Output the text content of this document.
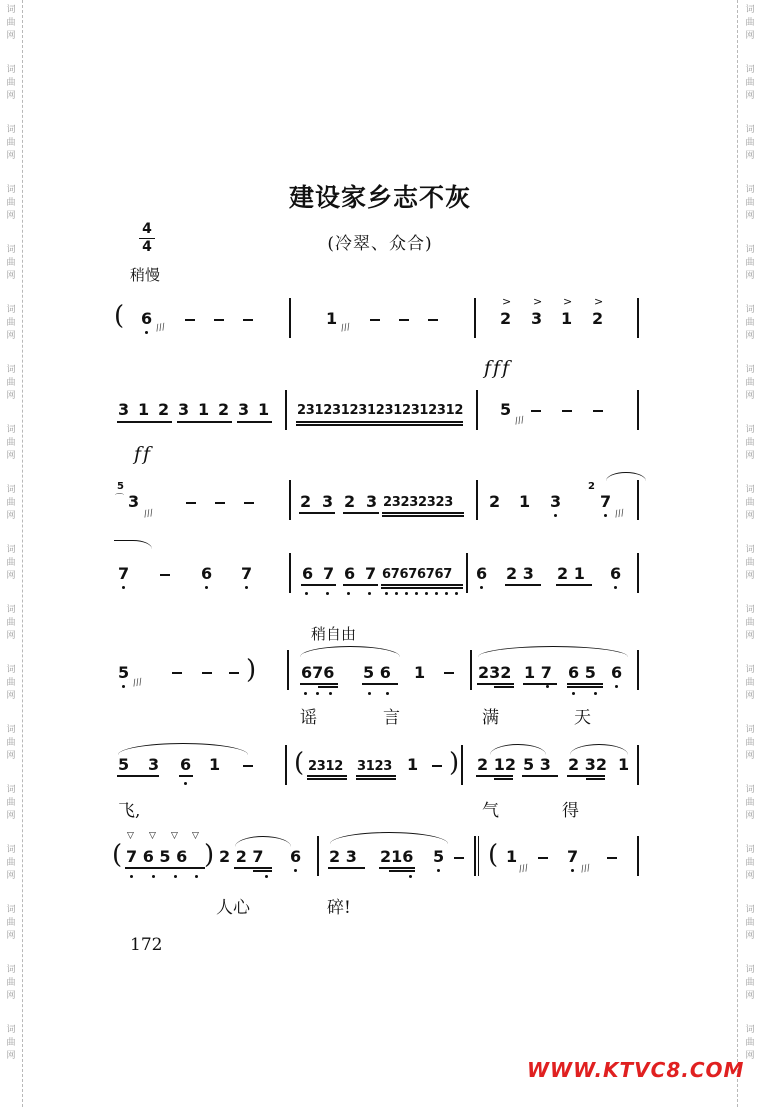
词
曲
网
词
曲
网
词
曲
网
词
曲
网
词
曲
网
词
曲
网
词
曲
网
词
曲
网
词
曲
网
词
曲
网
词
曲
网
词
曲
网
词
曲
网
词
曲
网
词
曲
网
词
曲
网
词
曲
网
词
曲
网
词
曲
网
词
曲
网
词
曲
网
词
曲
网
词
曲
网
词
曲
网
词
曲
网
词
曲
网
词
曲
网
词
曲
网
词
曲
网
词
曲
网
词
曲
网
词
曲
网
词
曲
网
词
曲
网
词
曲
网
词
曲
网
建设家乡志不灰
(冷翠、众合)
4
4
稍慢
( 6 ///	1 ///
> > > >
2 3 1 2
fff
3 1 2 3 1 2 3 1 2312312312312312312 5
///
ff
5
⌒ 3
///
2 3 2 3 23232323 2 1 3
2
7
///
7	6 7	6 7 6 7 67676767 6 2 3 2 1 6
稍自由
5
///	)	676 5 6 1	232 1 7 6 5 6
谣	言	满	天
5 3 6 1	( 2312 3123 1 ) 2 12 5 3 2 32 1
飞,	气	得
(
▽ ▽ ▽ ▽
7 6 5 6 ) 2 2 7 6 2 3 216 5 ( 1
///
7
///
人心	碎!
172
WWW.KTVC8.COM
